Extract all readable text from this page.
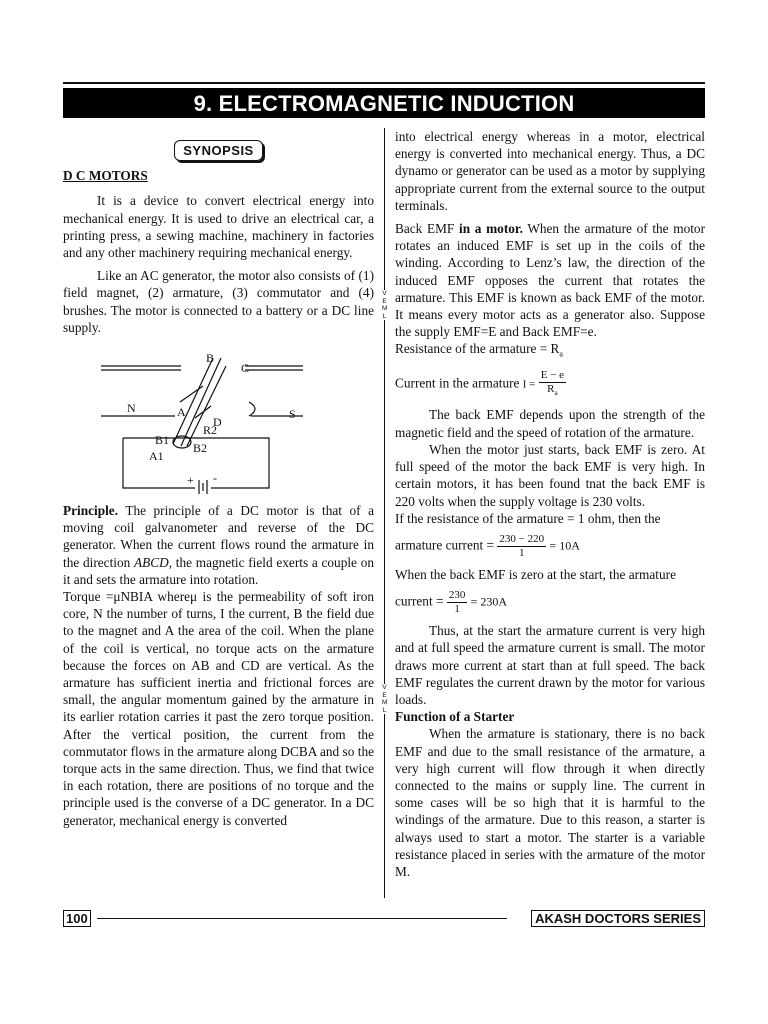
9. ELECTROMAGNETIC INDUCTION
VEML
VEML
SYNOPSIS
D C MOTORS

It is a device to convert electrical energy into mechanical energy. It is used to drive an electrical car, a printing press, a sewing machine, machinery in factories and any other machinery requiring mechanical energy.

Like an AC generator, the motor also consists of (1) field magnet, (2) armature, (3) commutator and (4) brushes. The motor is connected to a battery or a DC line supply.

B
C
N	A
D
R2
S
B1
A1
B2
+ -

Principle. The principle of a DC motor is that of a moving coil galvanometer and reverse of the DC generator. When the current flows round the armature in the direction ABCD, the magnetic field exerts a couple on it and sets the armature into rotation.

Torque =μNBIA whereμ is the permeability of soft iron core, N the number of turns, I the current, B the field due to the magnet and A the area of the coil. When the plane of the coil is vertical, no torque acts on the armature because the forces on AB and CD are vertical. As the armature has sufficient inertia and frictional forces are small, the angular momentum gained by the armature in its earlier rotation carries it past the zero torque position. After the vertical position, the current from the commutator flows in the armature along DCBA and so the torque acts in the same direction. Thus, we find that twice in each rotation, there are positions of no torque and the principle used is the converse of a DC generator. In a DC generator, mechanical energy is converted

into electrical energy whereas in a motor, electrical energy is converted into mechanical energy. Thus, a DC dynamo or generator can be used as a motor by supplying appropriate current from the external source to the output terminals.

Back EMF in a motor. When the armature of the motor rotates an induced EMF is set up in the coils of the winding. According to Lenz’s law, the direction of the induced EMF opposes the current that rotates the armature. This EMF is known as back EMF of the motor. It means every motor acts as a generator also. Suppose the supply EMF=E and Back EMF=e.

Resistance of the armature = $R_a$

Current in the armature $I = \frac{E - e}{R_a}$

The back EMF depends upon the strength of the magnetic field and the speed of rotation of the armature.

When the motor just starts, back EMF is zero. At full speed of the motor the back EMF is very high. In certain motors, it has been found tnat the back EMF is 220 volts when the supply voltage is 230 volts.

If the resistance of the armature = 1 ohm, then the

armature current = $\frac{230 - 220}{1} = 10A$

When the back EMF is zero at the start, the armature

current = $\frac{230}{1} = 230A$

Thus, at the start the armature current is very high and at full speed the armature current is small. The motor draws more current at start than at full speed. The back EMF regulates the current drawn by the motor for various loads.

Function of a Starter

When the armature is stationary, there is no back EMF and due to the small resistance of the armature, a very high current will flow through it when directly connected to the mains or supply line. The current in some cases will be so high that it is harmful to the windings of the armature. Due to this reason, a starter is always used to start a motor. The starter is a variable resistance placed in series with the armature of the motor M.

100	AKASH DOCTORS SERIES
